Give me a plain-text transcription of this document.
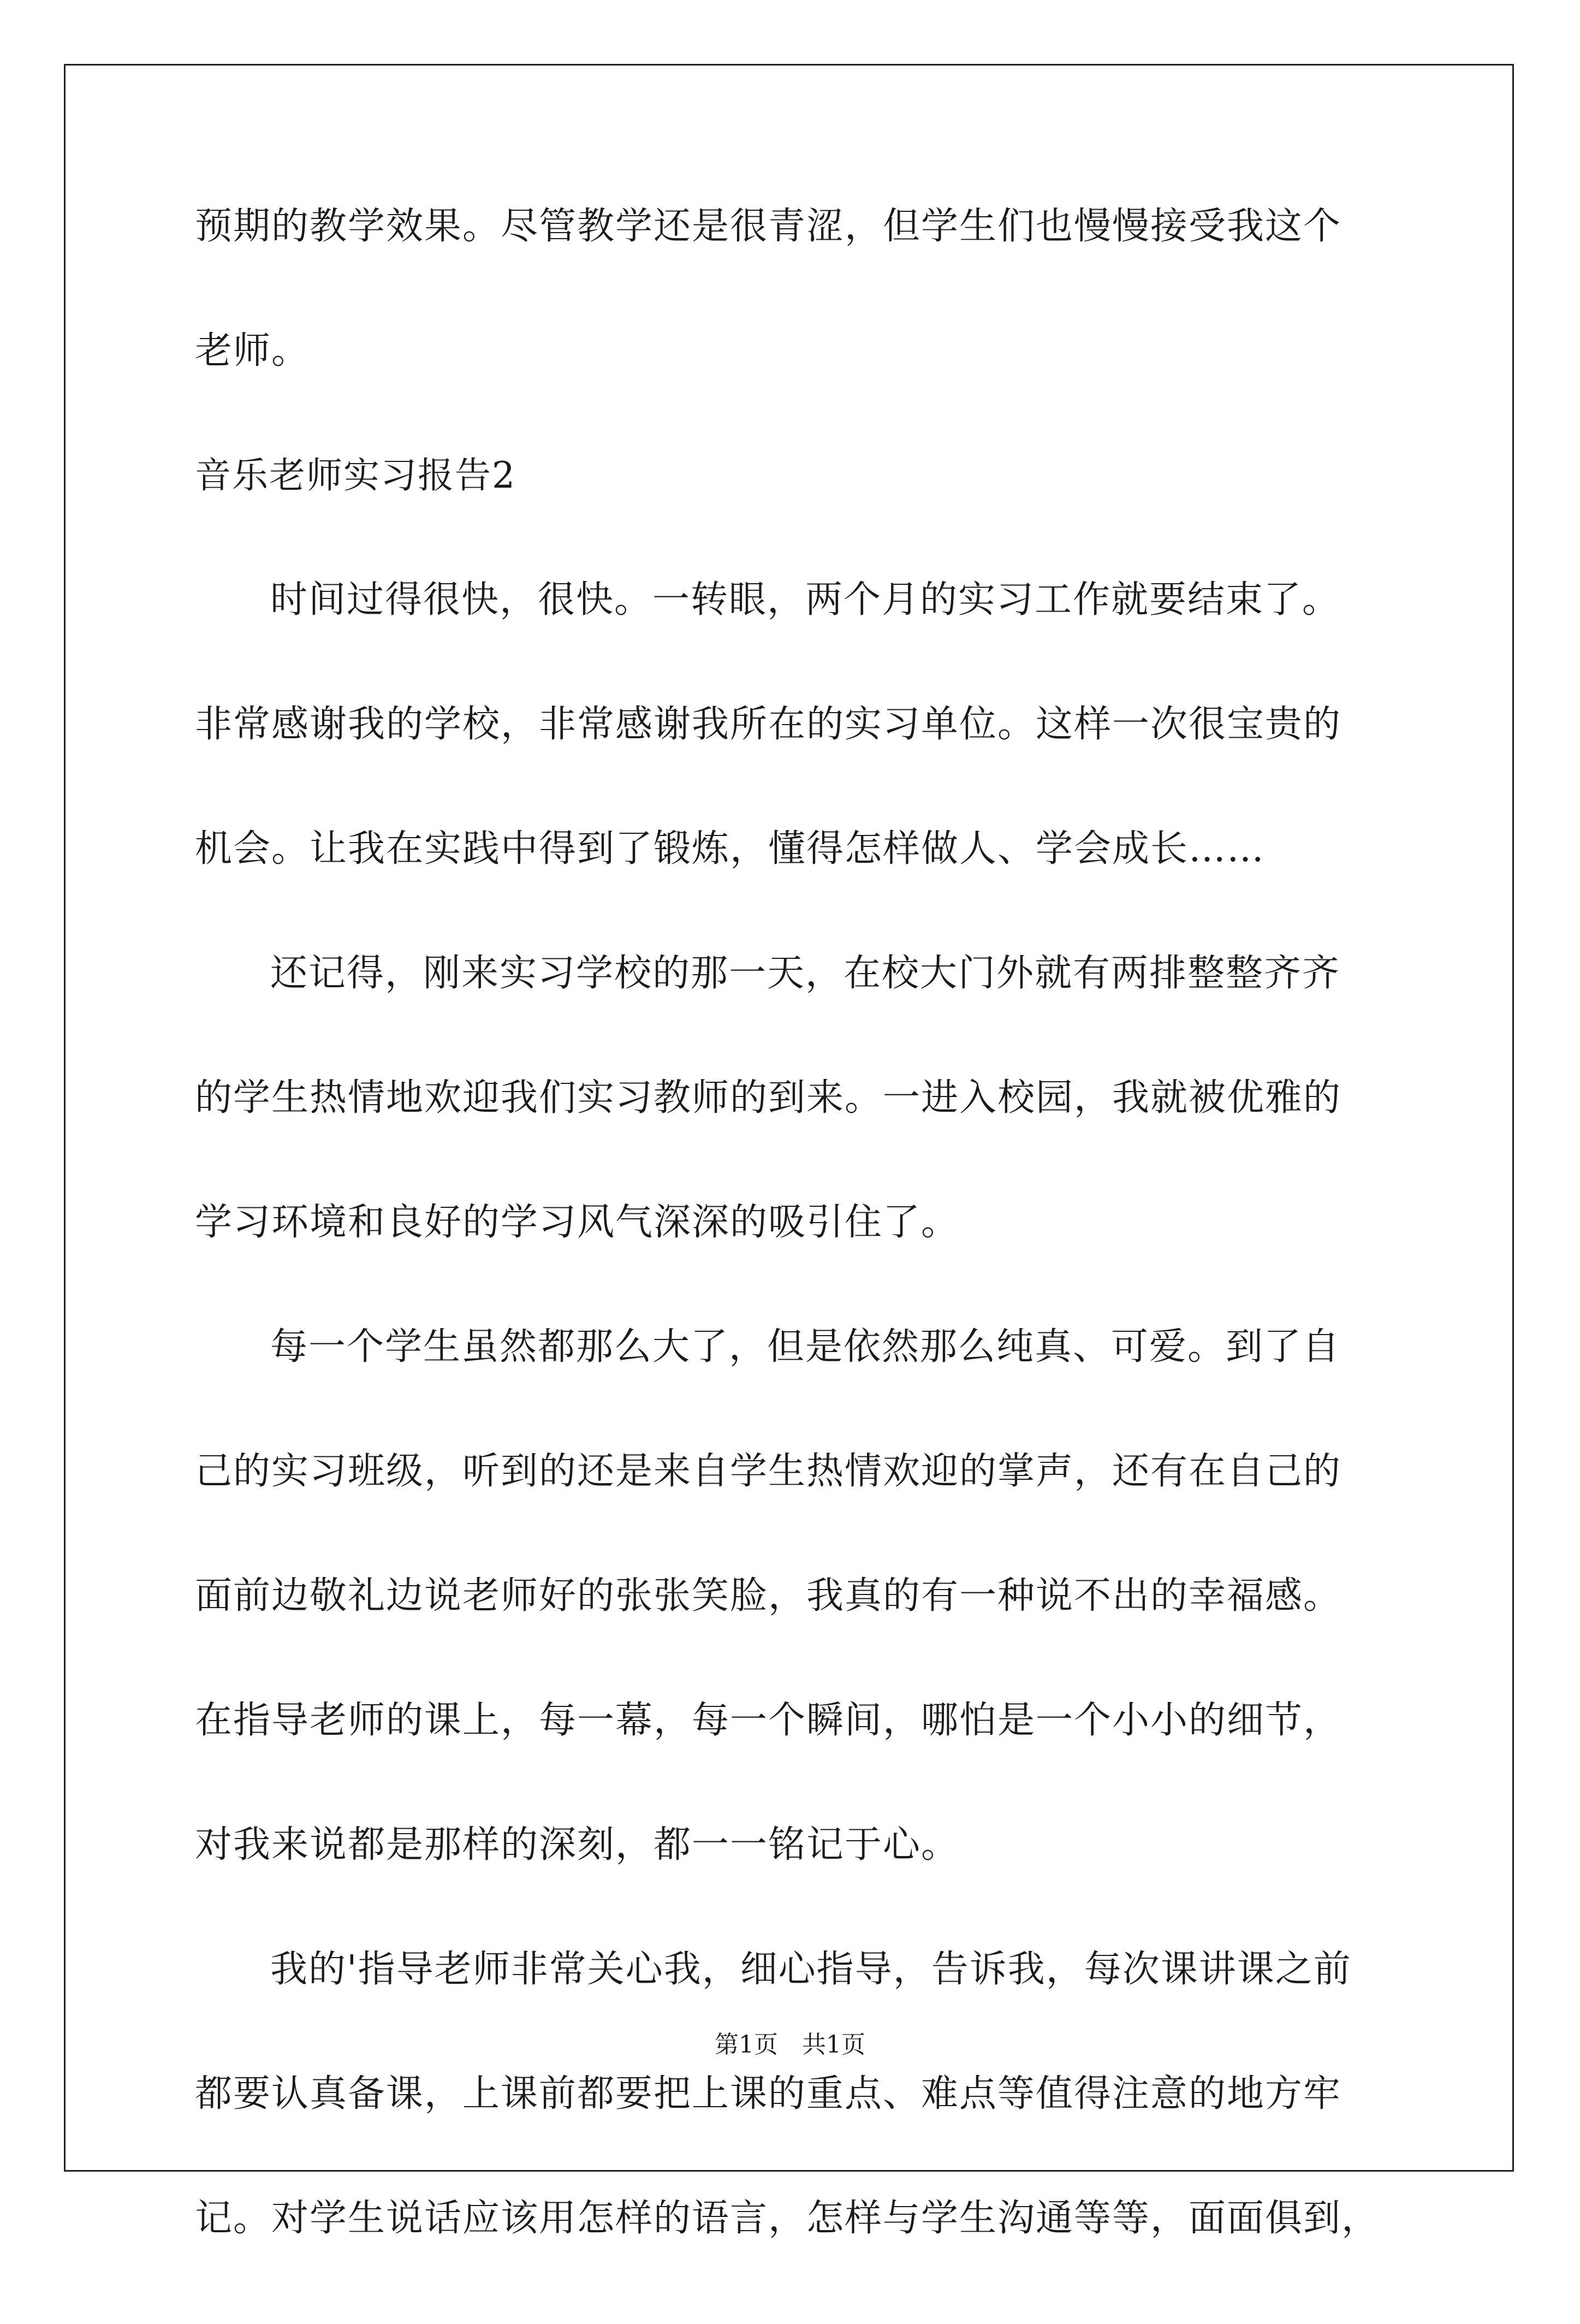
预期的教学效果。尽管教学还是很青涩，但学生们也慢慢接受我这个
老师。
音乐老师实习报告2
时间过得很快，很快。一转眼，两个月的实习工作就要结束了。
非常感谢我的学校，非常感谢我所在的实习单位。这样一次很宝贵的
机会。让我在实践中得到了锻炼，懂得怎样做人、学会成长……
还记得，刚来实习学校的那一天，在校大门外就有两排整整齐齐
的学生热情地欢迎我们实习教师的到来。一进入校园，我就被优雅的
学习环境和良好的学习风气深深的吸引住了。
每一个学生虽然都那么大了，但是依然那么纯真、可爱。到了自
己的实习班级，听到的还是来自学生热情欢迎的掌声，还有在自己的
面前边敬礼边说老师好的张张笑脸，我真的有一种说不出的幸福感。
在指导老师的课上，每一幕，每一个瞬间，哪怕是一个小小的细节，
对我来说都是那样的深刻，都一一铭记于心。
我的'指导老师非常关心我，细心指导，告诉我，每次课讲课之前
都要认真备课，上课前都要把上课的重点、难点等值得注意的地方牢
记。对学生说话应该用怎样的语言，怎样与学生沟通等等，面面俱到，
第1页　共1页
